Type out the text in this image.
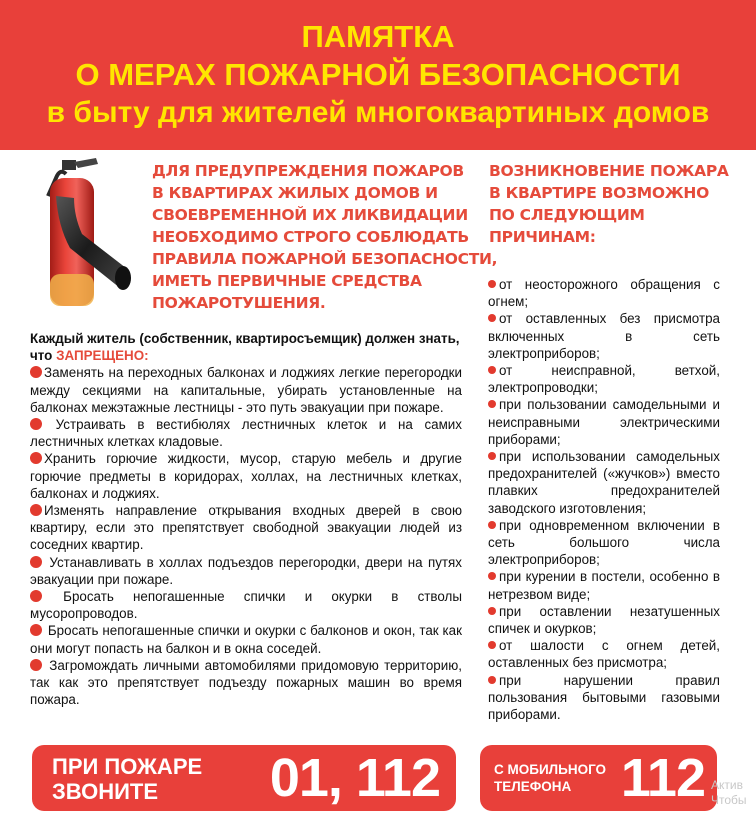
ПАМЯТКА
О МЕРАХ ПОЖАРНОЙ БЕЗОПАСНОСТИ
в быту для жителей многоквартиных домов
ДЛЯ ПРЕДУПРЕЖДЕНИЯ ПОЖАРОВ
В КВАРТИРАХ ЖИЛЫХ ДОМОВ И
СВОЕВРЕМЕННОЙ ИХ ЛИКВИДАЦИИ
НЕОБХОДИМО СТРОГО СОБЛЮДАТЬ
ПРАВИЛА ПОЖАРНОЙ БЕЗОПАСНОСТИ,
ИМЕТЬ ПЕРВИЧНЫЕ СРЕДСТВА
ПОЖАРОТУШЕНИЯ.
ВОЗНИКНОВЕНИЕ ПОЖАРА
В КВАРТИРЕ ВОЗМОЖНО
ПО СЛЕДУЮЩИМ
ПРИЧИНАМ:

Каждый житель (собственник, квартиросъемщик) должен знать, что ЗАПРЕЩЕНО:

Заменять на переходных балконах и лоджиях легкие перегородки между секциями на капитальные, убирать установленные на балконах межэтажные лестницы - это путь эвакуации при пожаре.

Устраивать в вестибюлях лестничных клеток и на самих лестничных клетках кладовые.

Хранить горючие жидкости, мусор, старую мебель и другие горючие предметы в коридорах, холлах, на лестничных клетках, балконах и лоджиях.

Изменять направление открывания входных дверей в свою квартиру, если это препятствует свободной эвакуации людей из соседних квартир.

Устанавливать в холлах подъездов перегородки, двери на путях эвакуации при пожаре.

Бросать непогашенные спички и окурки в стволы мусоропроводов.

Бросать непогашенные спички и окурки с балконов и окон, так как они могут попасть на балкон и в окна соседей.

Загромождать личными автомобилями придомовую территорию, так как это препятствует подъезду пожарных машин во время пожара.

от неосторожного обращения с огнем;

от оставленных без присмотра включенных в сеть электроприборов;

от неисправной, ветхой, электропроводки;

при пользовании самодельными и неисправными электрическими приборами;

при использовании самодельных предохранителей («жучков») вместо плавких предохранителей заводского изготовления;

при одновременном включении в сеть большого числа электроприборов;

при курении в постели, особенно в нетрезвом виде;

при оставлении незатушенных спичек и окурков;

от шалости с огнем детей, оставленных без присмотра;

при нарушении правил пользования бытовыми газовыми приборами.

ПРИ ПОЖАРЕ
ЗВОНИТЕ	01, 112	С МОБИЛЬНОГО
ТЕЛЕФОНА 112 Актив
Чтобы
